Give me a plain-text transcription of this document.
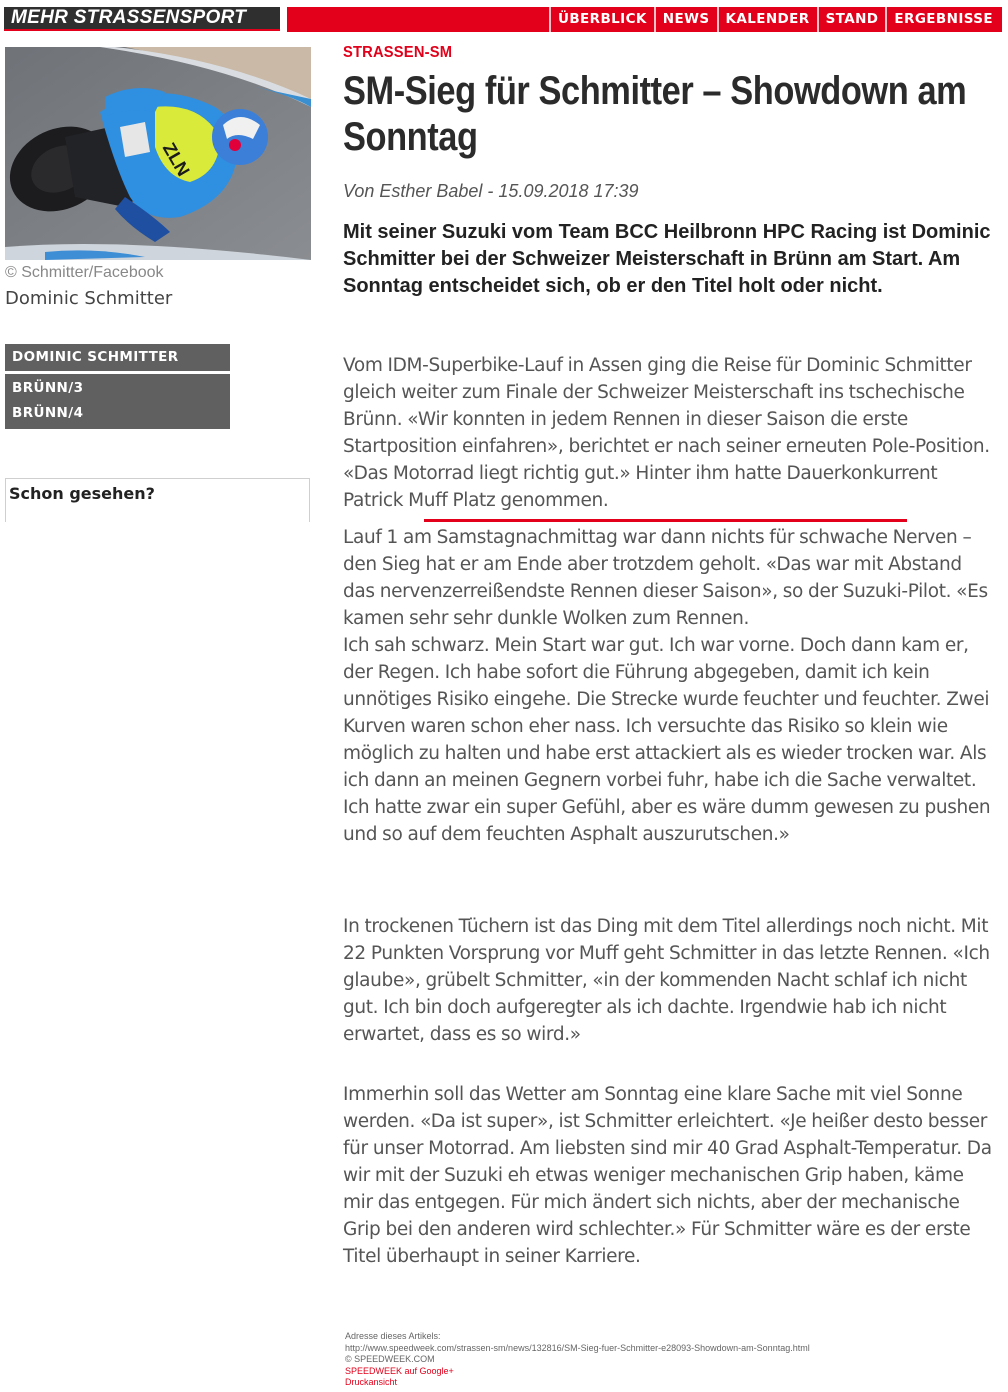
MEHR STRASSENSPORT	ÜBERBLICK	NEWS	KALENDER	STAND	ERGEBNISSE
ZLN
© Schmitter/Facebook
Dominic Schmitter
DOMINIC SCHMITTER
BRÜNN/3
BRÜNN/4
Schon gesehen?
STRASSEN-SM
SM-Sieg für Schmitter – Showdown am Sonntag
Von Esther Babel - 15.09.2018 17:39
Mit seiner Suzuki vom Team BCC Heilbronn HPC Racing ist Dominic Schmitter bei der Schweizer Meisterschaft in Brünn am Start. Am Sonntag entscheidet sich, ob er den Titel holt oder nicht.

Vom IDM-Superbike-Lauf in Assen ging die Reise für Dominic Schmitter gleich weiter zum Finale der Schweizer Meisterschaft ins tschechische Brünn. «Wir konnten in jedem Rennen in dieser Saison die erste Startposition einfahren», berichtet er nach seiner erneuten Pole-Position. «Das Motorrad liegt richtig gut.» Hinter ihm hatte Dauerkonkurrent Patrick Muff Platz genommen.

Lauf 1 am Samstagnachmittag war dann nichts für schwache Nerven – den Sieg hat er am Ende aber trotzdem geholt. «Das war mit Abstand das nervenzerreißendste Rennen dieser Saison», so der Suzuki-Pilot. «Es kamen sehr sehr dunkle Wolken zum Rennen.

Ich sah schwarz. Mein Start war gut. Ich war vorne. Doch dann kam er, der Regen. Ich habe sofort die Führung abgegeben, damit ich kein unnötiges Risiko eingehe. Die Strecke wurde feuchter und feuchter. Zwei Kurven waren schon eher nass. Ich versuchte das Risiko so klein wie möglich zu halten und habe erst attackiert als es wieder trocken war. Als ich dann an meinen Gegnern vorbei fuhr, habe ich die Sache verwaltet. Ich hatte zwar ein super Gefühl, aber es wäre dumm gewesen zu pushen und so auf dem feuchten Asphalt auszurutschen.»

In trockenen Tüchern ist das Ding mit dem Titel allerdings noch nicht. Mit 22 Punkten Vorsprung vor Muff geht Schmitter in das letzte Rennen. «Ich glaube», grübelt Schmitter, «in der kommenden Nacht schlaf ich nicht gut. Ich bin doch aufgeregter als ich dachte. Irgendwie hab ich nicht erwartet, dass es so wird.»

Immerhin soll das Wetter am Sonntag eine klare Sache mit viel Sonne werden. «Da ist super», ist Schmitter erleichtert. «Je heißer desto besser für unser Motorrad. Am liebsten sind mir 40 Grad Asphalt-Temperatur. Da wir mit der Suzuki eh etwas weniger mechanischen Grip haben, käme mir das entgegen. Für mich ändert sich nichts, aber der mechanische Grip bei den anderen wird schlechter.» Für Schmitter wäre es der erste Titel überhaupt in seiner Karriere.

Adresse dieses Artikels:
http://www.speedweek.com/strassen-sm/news/132816/SM-Sieg-fuer-Schmitter-e28093-Showdown-am-Sonntag.html
© SPEEDWEEK.COM
SPEEDWEEK auf Google+
Druckansicht
